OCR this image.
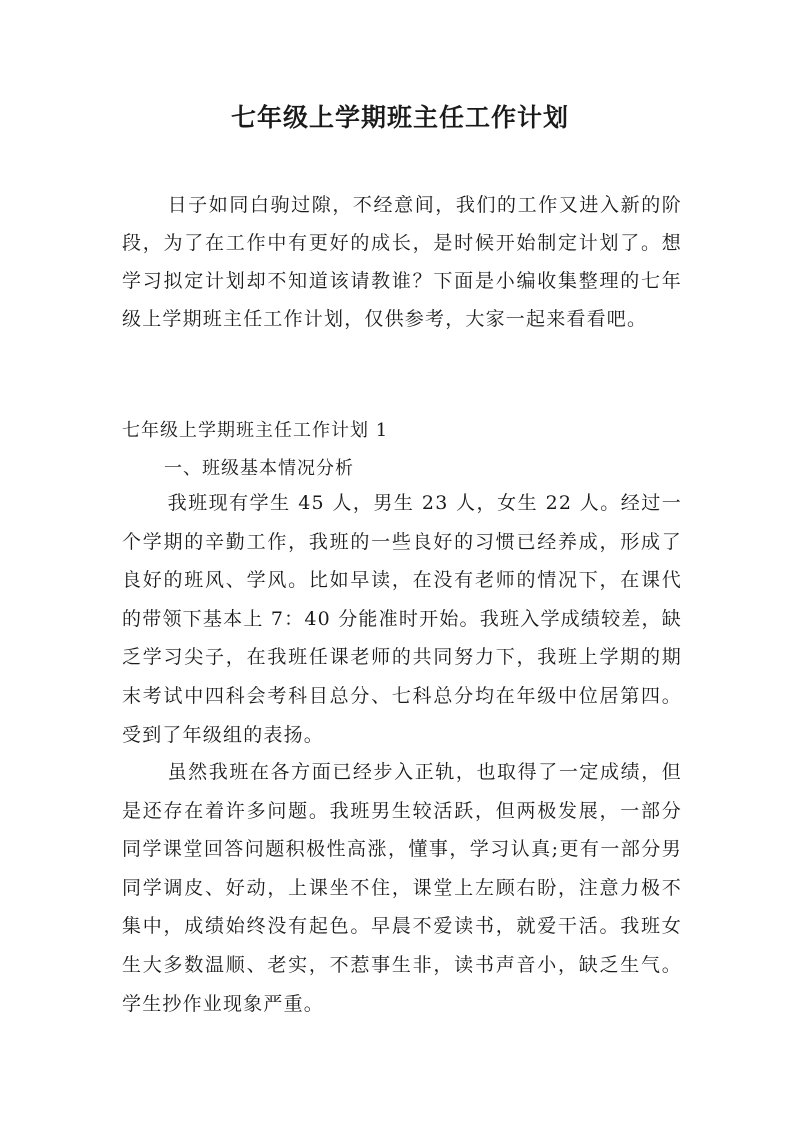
七年级上学期班主任工作计划

日子如同白驹过隙，不经意间，我们的工作又进入新的阶段，为了在工作中有更好的成长，是时候开始制定计划了。想学习拟定计划却不知道该请教谁？下面是小编收集整理的七年级上学期班主任工作计划，仅供参考，大家一起来看看吧。

七年级上学期班主任工作计划 1

一、班级基本情况分析

我班现有学生 45 人，男生 23 人，女生 22 人。经过一个学期的辛勤工作，我班的一些良好的习惯已经养成，形成了良好的班风、学风。比如早读，在没有老师的情况下，在课代的带领下基本上 7：40 分能准时开始。我班入学成绩较差，缺乏学习尖子，在我班任课老师的共同努力下，我班上学期的期末考试中四科会考科目总分、七科总分均在年级中位居第四。受到了年级组的表扬。

虽然我班在各方面已经步入正轨，也取得了一定成绩，但是还存在着许多问题。我班男生较活跃，但两极发展，一部分同学课堂回答问题积极性高涨，懂事，学习认真;更有一部分男同学调皮、好动，上课坐不住，课堂上左顾右盼，注意力极不集中，成绩始终没有起色。早晨不爱读书，就爱干活。我班女生大多数温顺、老实，不惹事生非，读书声音小，缺乏生气。学生抄作业现象严重。
